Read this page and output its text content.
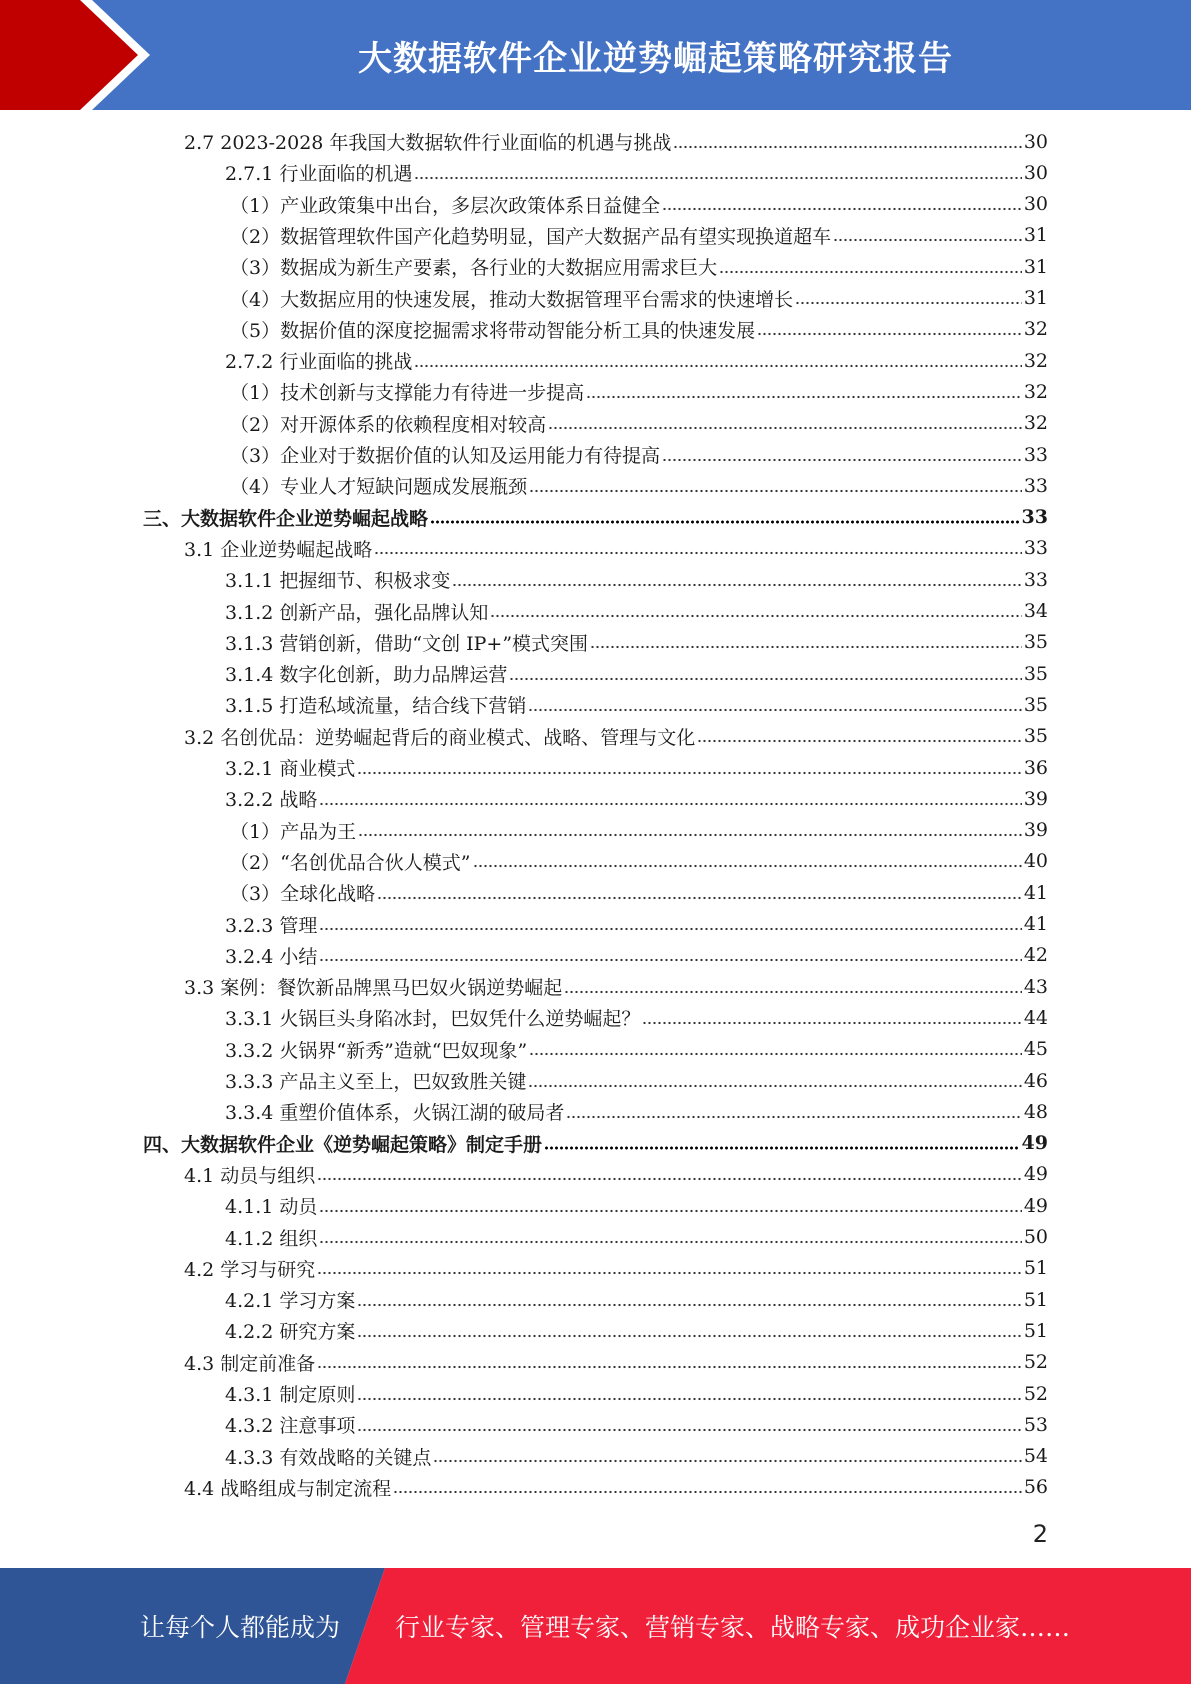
大数据软件企业逆势崛起策略研究报告
2.7 2023-2028 年我国大数据软件行业面临的机遇与挑战	30
2.7.1 行业面临的机遇	30
（1）产业政策集中出台，多层次政策体系日益健全	30
（2）数据管理软件国产化趋势明显，国产大数据产品有望实现换道超车	31
（3）数据成为新生产要素，各行业的大数据应用需求巨大	31
（4）大数据应用的快速发展，推动大数据管理平台需求的快速增长	31
（5）数据价值的深度挖掘需求将带动智能分析工具的快速发展	32
2.7.2 行业面临的挑战	32
（1）技术创新与支撑能力有待进一步提高	32
（2）对开源体系的依赖程度相对较高	32
（3）企业对于数据价值的认知及运用能力有待提高	33
（4）专业人才短缺问题成发展瓶颈	33
三、大数据软件企业逆势崛起战略	33
3.1 企业逆势崛起战略	33
3.1.1 把握细节、积极求变	33
3.1.2 创新产品，强化品牌认知	34
3.1.3 营销创新，借助“文创 IP+”模式突围	35
3.1.4 数字化创新，助力品牌运营	35
3.1.5 打造私域流量，结合线下营销	35
3.2 名创优品：逆势崛起背后的商业模式、战略、管理与文化	35
3.2.1 商业模式	36
3.2.2 战略	39
（1）产品为王	39
（2）“名创优品合伙人模式”	40
（3）全球化战略	41
3.2.3 管理	41
3.2.4 小结	42
3.3 案例：餐饮新品牌黑马巴奴火锅逆势崛起	43
3.3.1 火锅巨头身陷冰封，巴奴凭什么逆势崛起？	44
3.3.2 火锅界“新秀”造就“巴奴现象”	45
3.3.3 产品主义至上，巴奴致胜关键	46
3.3.4 重塑价值体系，火锅江湖的破局者	48
四、大数据软件企业《逆势崛起策略》制定手册	49
4.1 动员与组织	49
4.1.1 动员	49
4.1.2 组织	50
4.2 学习与研究	51
4.2.1 学习方案	51
4.2.2 研究方案	51
4.3 制定前准备	52
4.3.1 制定原则	52
4.3.2 注意事项	53
4.3.3 有效战略的关键点	54
4.4 战略组成与制定流程	56
2
让每个人都能成为 行业专家、管理专家、营销专家、战略专家、成功企业家……
